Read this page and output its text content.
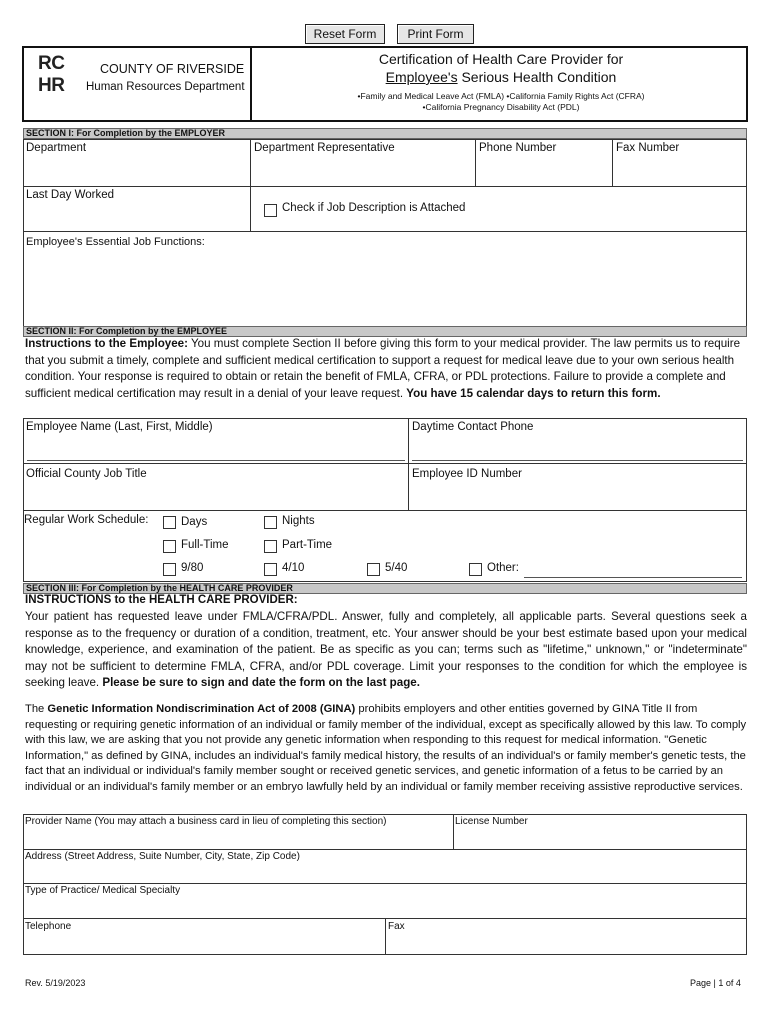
Reset Form	Print Form
RC
HR
COUNTY OF RIVERSIDE
Human Resources Department
Certification of Health Care Provider for
Employee's Serious Health Condition
•Family and Medical Leave Act (FMLA) •California Family Rights Act (CFRA)
•California Pregnancy Disability Act (PDL)
SECTION I: For Completion by the EMPLOYER
Department	Department Representative	Phone Number	Fax Number
Last Day Worked
Check if Job Description is Attached
Employee's Essential Job Functions:
SECTION II: For Completion by the EMPLOYEE
Instructions to the Employee: You must complete Section II before giving this form to your medical provider. The law permits us to require that you submit a timely, complete and sufficient medical certification to support a request for medical leave due to your own serious health condition. Your response is required to obtain or retain the benefit of FMLA, CFRA, or PDL protections. Failure to provide a complete and sufficient medical certification may result in a denial of your leave request. You have 15 calendar days to return this form.
Employee Name (Last, First, Middle)	Daytime Contact Phone
Official County Job Title	Employee ID Number
Regular Work Schedule:	Days	Nights
Full-Time	Part-Time
9/80	4/10	5/40	Other:
SECTION III: For Completion by the HEALTH CARE PROVIDER
INSTRUCTIONS to the HEALTH CARE PROVIDER:
Your patient has requested leave under FMLA/CFRA/PDL. Answer, fully and completely, all applicable parts. Several questions seek a response as to the frequency or duration of a condition, treatment, etc. Your answer should be your best estimate based upon your medical knowledge, experience, and examination of the patient. Be as specific as you can; terms such as "lifetime," unknown," or "indeterminate" may not be sufficient to determine FMLA, CFRA, and/or PDL coverage. Limit your responses to the condition for which the employee is seeking leave. Please be sure to sign and date the form on the last page.
The Genetic Information Nondiscrimination Act of 2008 (GINA) prohibits employers and other entities governed by GINA Title II from requesting or requiring genetic information of an individual or family member of the individual, except as specifically allowed by this law. To comply with this law, we are asking that you not provide any genetic information when responding to this request for medical information. "Genetic Information," as defined by GINA, includes an individual's family medical history, the results of an individual's or family member's genetic tests, the fact that an individual or individual's family member sought or received genetic services, and genetic information of a fetus to be carried by an individual or an individual's family member or an embryo lawfully held by an individual or family member receiving assistive reproductive services.
Provider Name (You may attach a business card in lieu of completing this section)	License Number
Address (Street Address, Suite Number, City, State, Zip Code)
Type of Practice/ Medical Specialty
Telephone	Fax
Rev. 5/19/2023	Page | 1 of 4
